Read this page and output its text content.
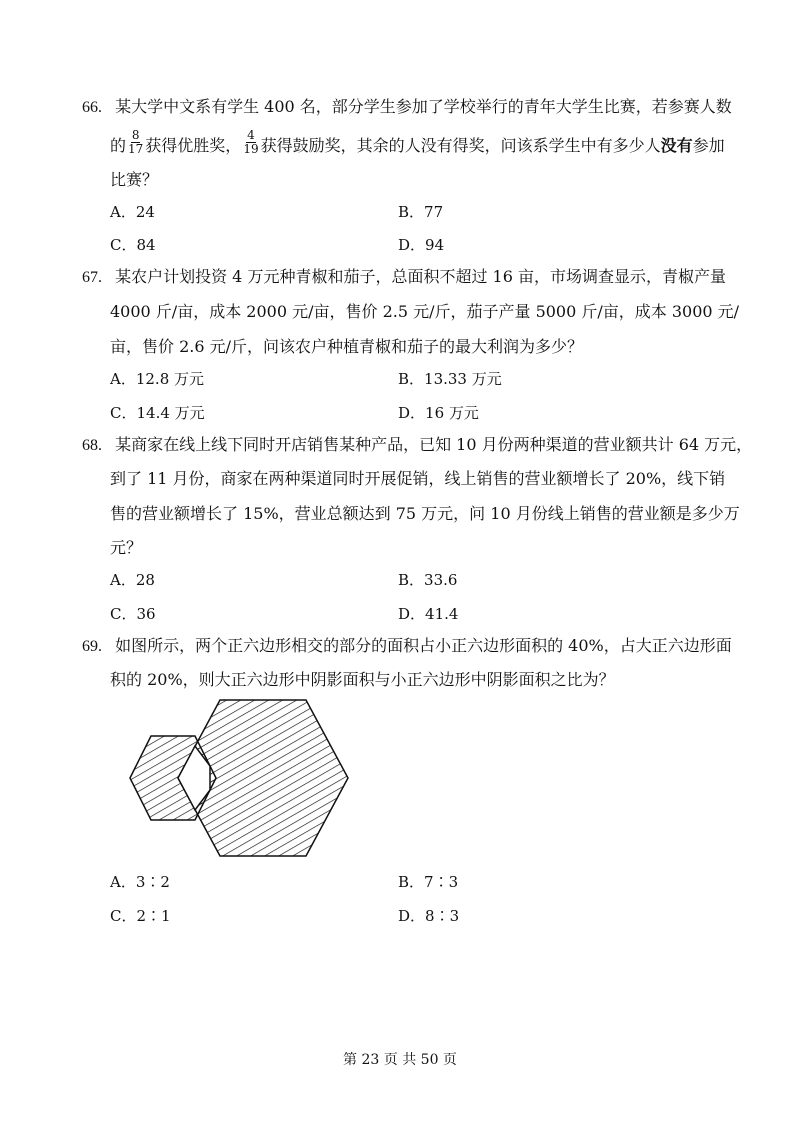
66. 某大学中文系有学生 400 名，部分学生参加了学校举行的青年大学生比赛，若参赛人数
的 $\frac{8}{17}$ 获得优胜奖， $\frac{4}{19}$ 获得鼓励奖，其余的人没有得奖，问该系学生中有多少人没有参加
比赛？
A．24	B．77
C．84	D．94
67. 某农户计划投资 4 万元种青椒和茄子，总面积不超过 16 亩，市场调查显示，青椒产量
4000 斤/亩，成本 2000 元/亩，售价 2.5 元/斤，茄子产量 5000 斤/亩，成本 3000 元/
亩，售价 2.6 元/斤，问该农户种植青椒和茄子的最大利润为多少？
A．12.8 万元	B．13.33 万元
C．14.4 万元	D．16 万元
68. 某商家在线上线下同时开店销售某种产品，已知 10 月份两种渠道的营业额共计 64 万元，
到了 11 月份，商家在两种渠道同时开展促销，线上销售的营业额增长了 20%，线下销
售的营业额增长了 15%，营业总额达到 75 万元，问 10 月份线上销售的营业额是多少万
元？
A．28	B．33.6
C．36	D．41.4
69. 如图所示，两个正六边形相交的部分的面积占小正六边形面积的 40%，占大正六边形面
积的 20%，则大正六边形中阴影面积与小正六边形中阴影面积之比为？
A．3∶2	B．7∶3
C．2∶1	D．8∶3
第 23 页 共 50 页
